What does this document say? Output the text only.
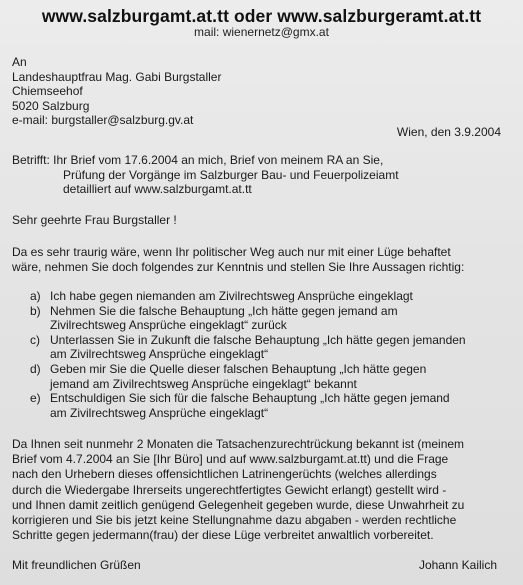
www.salzburgamt.at.tt oder www.salzburgeramt.at.tt
mail: wienernetz@gmx.at
An
Landeshauptfrau Mag. Gabi Burgstaller
Chiemseehof
5020 Salzburg
e-mail: burgstaller@salzburg.gv.at
Wien, den 3.9.2004
Betrifft: Ihr Brief vom 17.6.2004 an mich, Brief von meinem RA an Sie,
Prüfung der Vorgänge im Salzburger Bau- und Feuerpolizeiamt
detailliert auf www.salzburgamt.at.tt
Sehr geehrte Frau Burgstaller !
Da es sehr traurig wäre, wenn Ihr politischer Weg auch nur mit einer Lüge behaftet
wäre, nehmen Sie doch folgendes zur Kenntnis und stellen Sie Ihre Aussagen richtig:
a) Ich habe gegen niemanden am Zivilrechtsweg Ansprüche eingeklagt
b) Nehmen Sie die falsche Behauptung „Ich hätte gegen jemand am
Zivilrechtsweg Ansprüche eingeklagt“ zurück
c) Unterlassen Sie in Zukunft die falsche Behauptung „Ich hätte gegen jemanden
am Zivilrechtsweg Ansprüche eingeklagt“
d) Geben mir Sie die Quelle dieser falschen Behauptung „Ich hätte gegen
jemand am Zivilrechtsweg Ansprüche eingeklagt“ bekannt
e) Entschuldigen Sie sich für die falsche Behauptung „Ich hätte gegen jemand
am Zivilrechtsweg Ansprüche eingeklagt“
Da Ihnen seit nunmehr 2 Monaten die Tatsachenzurechtrückung bekannt ist (meinem
Brief vom 4.7.2004 an Sie [Ihr Büro] und auf www.salzburgamt.at.tt) und die Frage
nach den Urhebern dieses offensichtlichen Latrinengerüchts (welches allerdings
durch die Wiedergabe Ihrerseits ungerechtfertigtes Gewicht erlangt) gestellt wird -
und Ihnen damit zeitlich genügend Gelegenheit gegeben wurde, diese Unwahrheit zu
korrigieren und Sie bis jetzt keine Stellungnahme dazu abgaben - werden rechtliche
Schritte gegen jedermann(frau) der diese Lüge verbreitet anwaltlich vorbereitet.
Mit freundlichen Grüßen	Johann Kailich
